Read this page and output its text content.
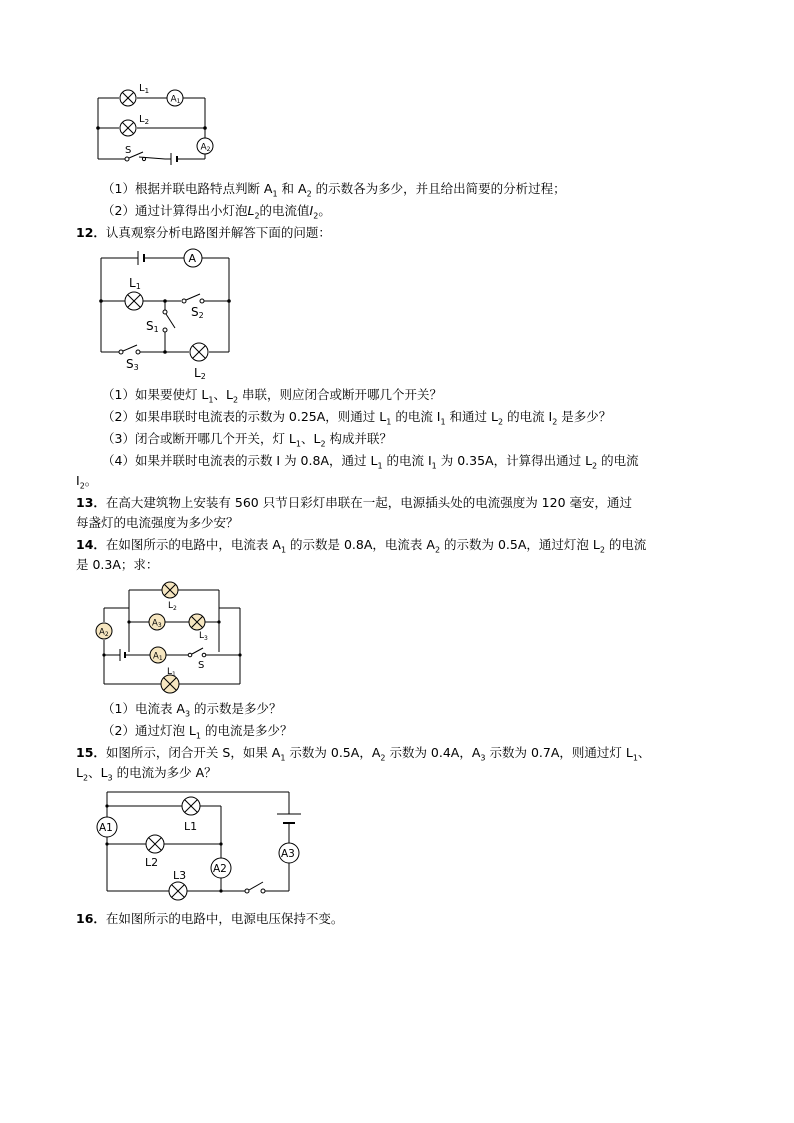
$L_1$
A1
$L_2$
A2
S
（1）根据并联电路特点判断 $A_1$ 和 $A_2$ 的示数各为多少，并且给出简要的分析过程；
（2）通过计算得出小灯泡$L_2$的电流值$I_2$。
12．认真观察分析电路图并解答下面的问题：
A
L1
L2
S2
S1
S3
（1）如果要使灯 $L_1$、$L_2$ 串联，则应闭合或断开哪几个开关？
（2）如果串联时电流表的示数为 0.25A，则通过 $L_1$ 的电流 $I_1$ 和通过 $L_2$ 的电流 $I_2$ 是多少？
（3）闭合或断开哪几个开关，灯 $L_1$、$L_2$ 构成并联？
（4）如果并联时电流表的示数 I 为 0.8A，通过 $L_1$ 的电流 $I_1$ 为 0.35A，计算得出通过 $L_2$ 的电流
$I_2$。
13．在高大建筑物上安装有 560 只节日彩灯串联在一起，电源插头处的电流强度为 120 毫安，通过
每盏灯的电流强度为多少安？
14．在如图所示的电路中，电流表 $A_1$ 的示数是 0.8A，电流表 $A_2$ 的示数为 0.5A，通过灯泡 $L_2$ 的电流
是 0.3A；求：
S
$L_2$
A3
$L_3$
A2
A1
$L_1$
（1）电流表 $A_3$ 的示数是多少？
（2）通过灯泡 $L_1$ 的电流是多少？
15．如图所示，闭合开关 S，如果 $A_1$ 示数为 0.5A，$A_2$ 示数为 0.4A，$A_3$ 示数为 0.7A，则通过灯 $L_1$、
$L_2$、$L_3$ 的电流为多少 A？
A1	L1
L2	A2
L3
A3
16．在如图所示的电路中，电源电压保持不变。
